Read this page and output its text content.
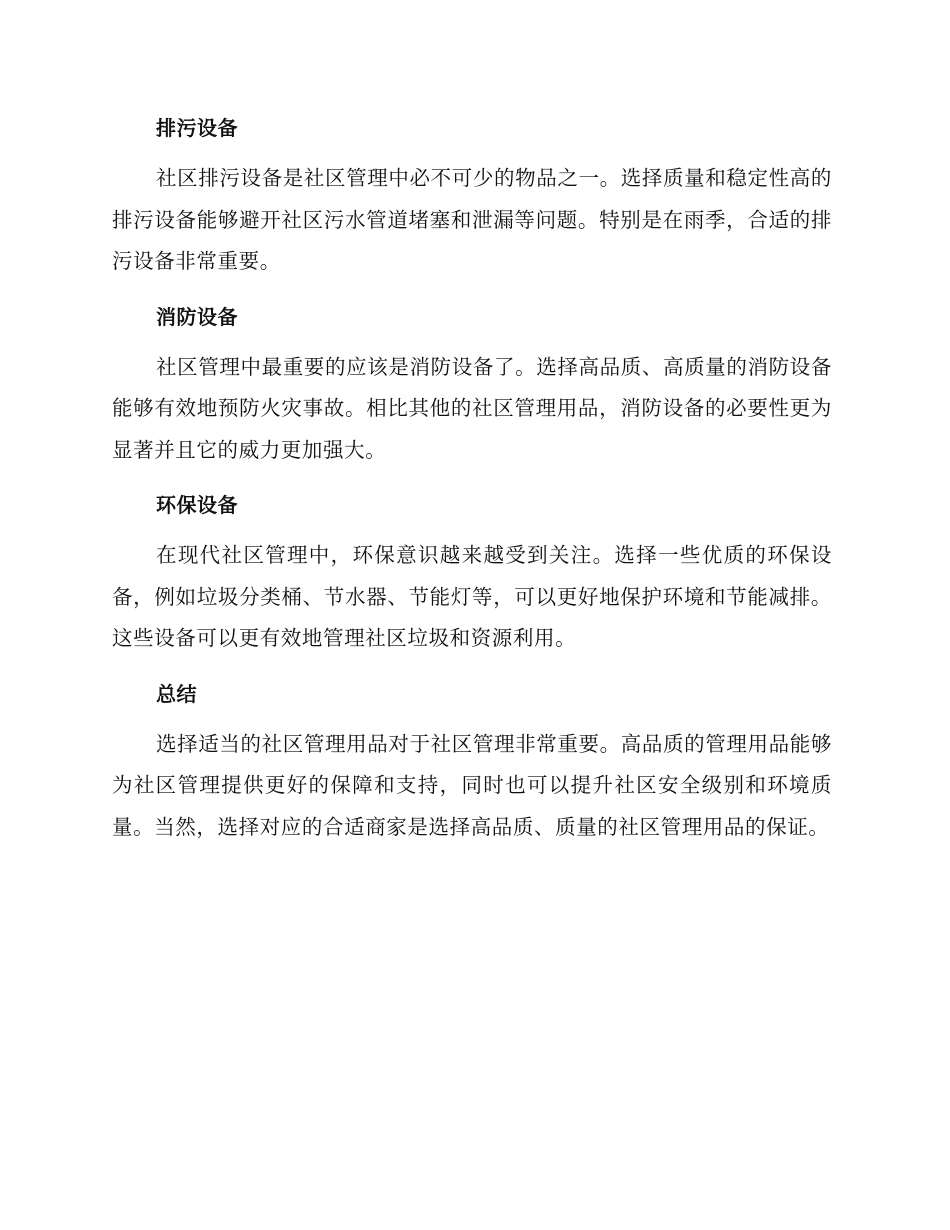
排污设备

社区排污设备是社区管理中必不可少的物品之一。选择质量和稳定性高的排污设备能够避开社区污水管道堵塞和泄漏等问题。特别是在雨季，合适的排污设备非常重要。

消防设备

社区管理中最重要的应该是消防设备了。选择高品质、高质量的消防设备能够有效地预防火灾事故。相比其他的社区管理用品，消防设备的必要性更为显著并且它的威力更加强大。

环保设备

在现代社区管理中，环保意识越来越受到关注。选择一些优质的环保设备，例如垃圾分类桶、节水器、节能灯等，可以更好地保护环境和节能减排。这些设备可以更有效地管理社区垃圾和资源利用。

总结

选择适当的社区管理用品对于社区管理非常重要。高品质的管理用品能够为社区管理提供更好的保障和支持，同时也可以提升社区安全级别和环境质量。当然，选择对应的合适商家是选择高品质、质量的社区管理用品的保证。
